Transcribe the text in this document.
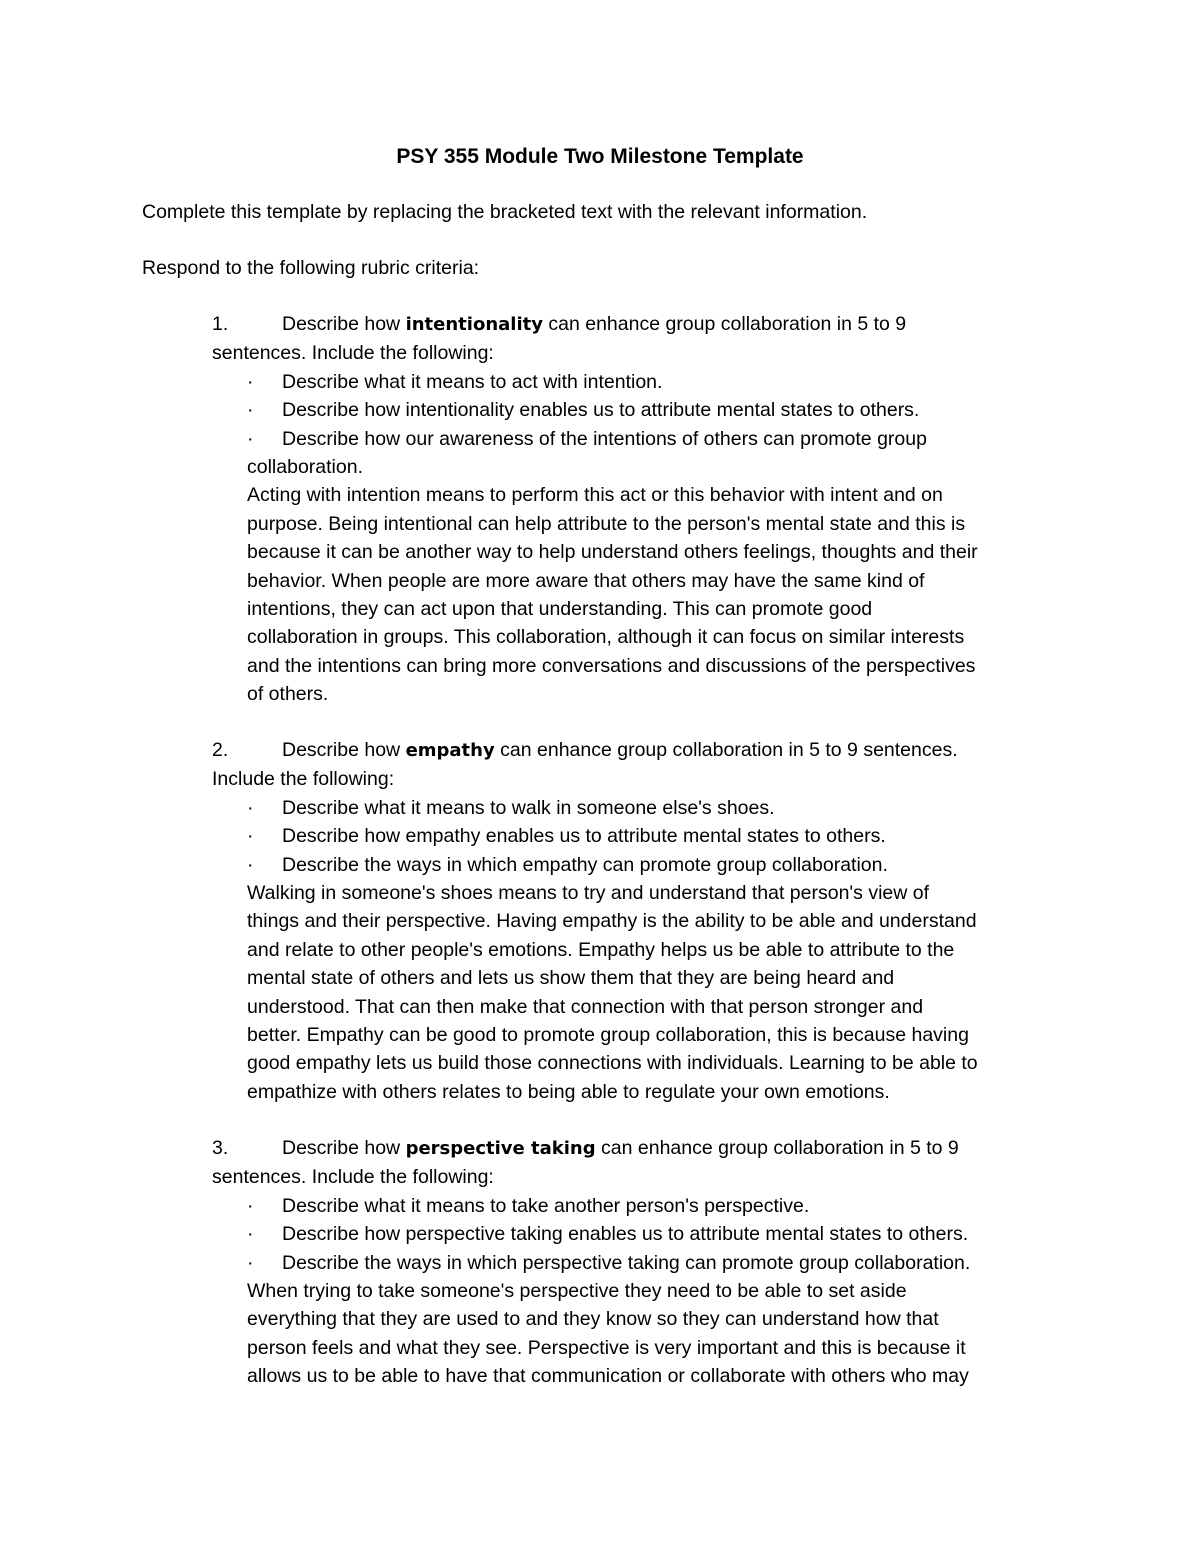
PSY 355 Module Two Milestone Template

Complete this template by replacing the bracketed text with the relevant information.

Respond to the following rubric criteria:

1.	Describe how intentionality can enhance group collaboration in 5 to 9
sentences. Include the following:
· Describe what it means to act with intention.
· Describe how intentionality enables us to attribute mental states to others.
· Describe how our awareness of the intentions of others can promote group
collaboration.
Acting with intention means to perform this act or this behavior with intent and on
purpose. Being intentional can help attribute to the person's mental state and this is
because it can be another way to help understand others feelings, thoughts and their
behavior. When people are more aware that others may have the same kind of
intentions, they can act upon that understanding. This can promote good
collaboration in groups. This collaboration, although it can focus on similar interests
and the intentions can bring more conversations and discussions of the perspectives
of others.
2.	Describe how empathy can enhance group collaboration in 5 to 9 sentences.
Include the following:
· Describe what it means to walk in someone else's shoes.
· Describe how empathy enables us to attribute mental states to others.
· Describe the ways in which empathy can promote group collaboration.
Walking in someone's shoes means to try and understand that person's view of
things and their perspective. Having empathy is the ability to be able and understand
and relate to other people's emotions. Empathy helps us be able to attribute to the
mental state of others and lets us show them that they are being heard and
understood. That can then make that connection with that person stronger and
better. Empathy can be good to promote group collaboration, this is because having
good empathy lets us build those connections with individuals. Learning to be able to
empathize with others relates to being able to regulate your own emotions.
3.	Describe how perspective taking can enhance group collaboration in 5 to 9
sentences. Include the following:
· Describe what it means to take another person's perspective.
· Describe how perspective taking enables us to attribute mental states to others.
· Describe the ways in which perspective taking can promote group collaboration.
When trying to take someone's perspective they need to be able to set aside
everything that they are used to and they know so they can understand how that
person feels and what they see. Perspective is very important and this is because it
allows us to be able to have that communication or collaborate with others who may
